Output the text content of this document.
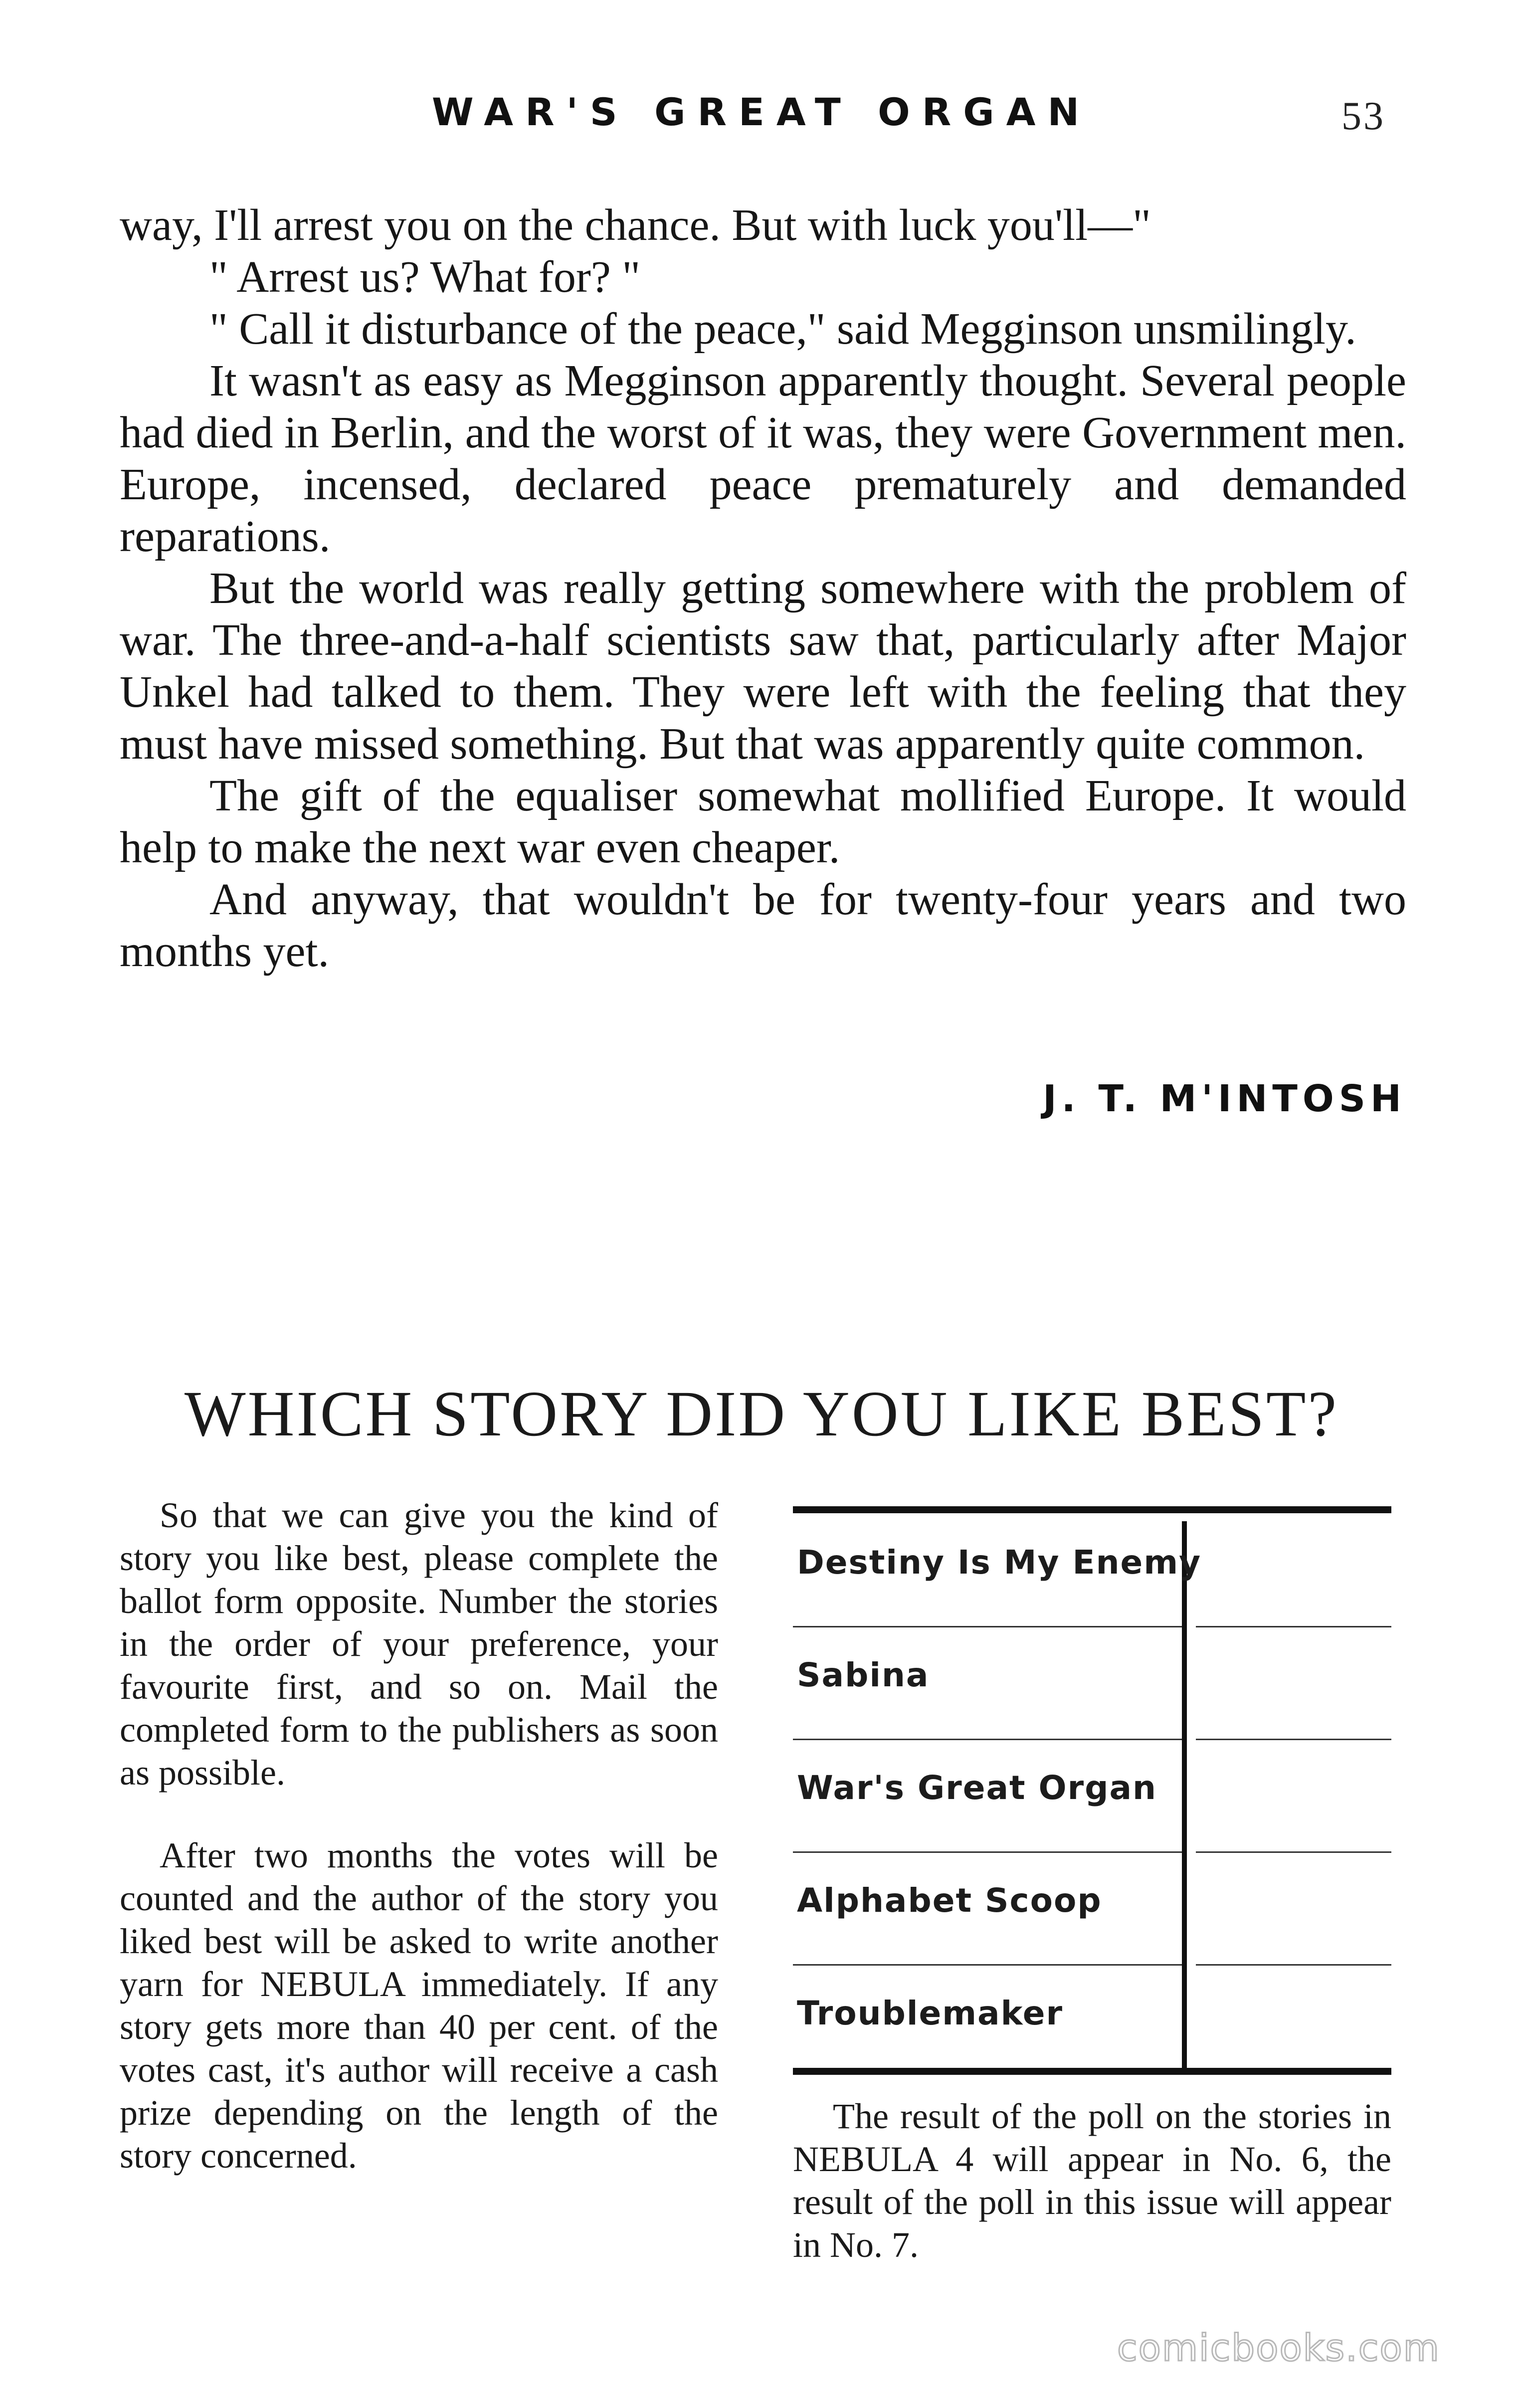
WAR'S GREAT ORGAN	53

way, I'll arrest you on the chance. But with luck you'll—"

" Arrest us? What for? "

" Call it disturbance of the peace," said Megginson unsmilingly.

It wasn't as easy as Megginson apparently thought. Several people had died in Berlin, and the worst of it was, they were Government men. Europe, incensed, declared peace prematurely and demanded reparations.

But the world was really getting somewhere with the problem of war. The three-and-a-half scientists saw that, particularly after Major Unkel had talked to them. They were left with the feeling that they must have missed something. But that was apparently quite common.

The gift of the equaliser somewhat mollified Europe. It would help to make the next war even cheaper.

And anyway, that wouldn't be for twenty-four years and two months yet.

J. T. M'INTOSH
WHICH STORY DID YOU LIKE BEST?

So that we can give you the kind of story you like best, please complete the ballot form opposite. Number the stories in the order of your preference, your favourite first, and so on. Mail the completed form to the publishers as soon as possible.

After two months the votes will be counted and the author of the story you liked best will be asked to write another yarn for NEBULA immediately. If any story gets more than 40 per cent. of the votes cast, it's author will receive a cash prize depending on the length of the story concerned.

Destiny Is My Enemy
Sabina
War's Great Organ
Alphabet Scoop
Troublemaker

The result of the poll on the stories in NEBULA 4 will appear in No. 6, the result of the poll in this issue will appear in No. 7.

comicbooks.com
